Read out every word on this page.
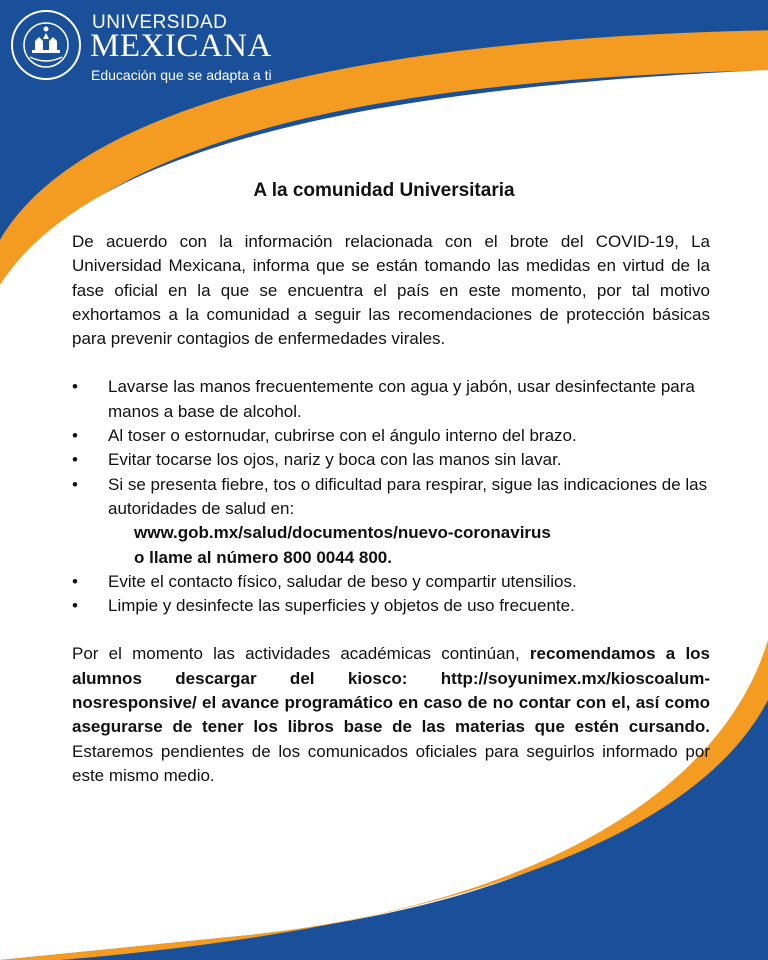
UNIVERSIDAD
MEXICANA
Educación que se adapta a ti
A la comunidad Universitaria

De acuerdo con la información relacionada con el brote del COVID-19, La Universidad Mexicana, informa que se están tomando las medidas en virtud de la fase oficial en la que se encuentra el país en este momento, por tal motivo exhortamos a la comunidad a seguir las recomendaciones de protección básicas para prevenir contagios de enfermedades virales.

• Lavarse las manos frecuentemente con agua y jabón, usar desinfectante para manos a base de alcohol.
• Al toser o estornudar, cubrirse con el ángulo interno del brazo.
• Evitar tocarse los ojos, nariz y boca con las manos sin lavar.
• Si se presenta fiebre, tos o dificultad para respirar, sigue las indicaciones de las autoridades de salud en:
www.gob.mx/salud/documentos/nuevo-coronavirus
o llame al número 800 0044 800.
• Evite el contacto físico, saludar de beso y compartir utensilios.
• Limpie y desinfecte las superficies y objetos de uso frecuente.

Por el momento las actividades académicas continúan, recomendamos a los alumnos descargar del kiosco: http://soyunimex.mx/kioscoalum-nosresponsive/ el avance programático en caso de no contar con el, así como asegurarse de tener los libros base de las materias que estén cursando. Estaremos pendientes de los comunicados oficiales para seguirlos informado por este mismo medio.
